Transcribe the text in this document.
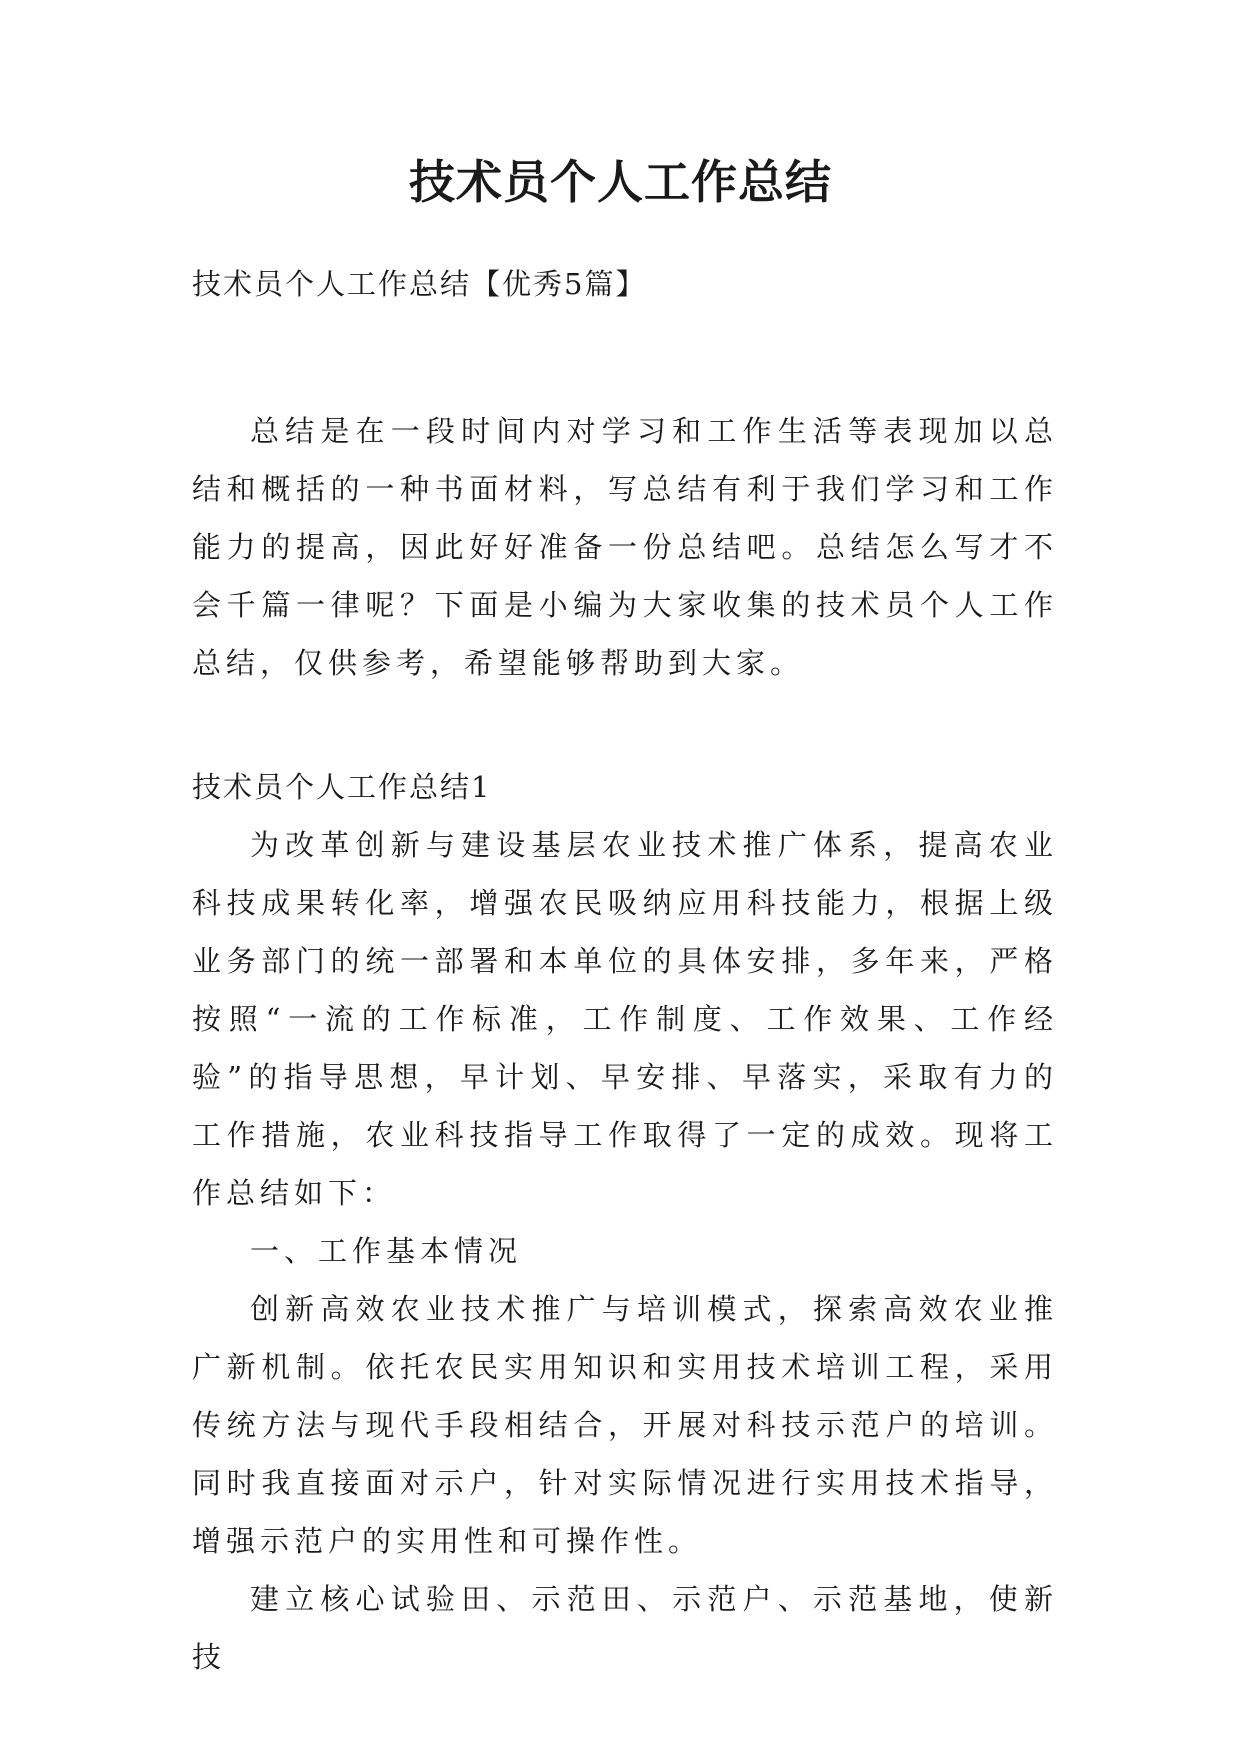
技术员个人工作总结
技术员个人工作总结【优秀5篇】

总结是在一段时间内对学习和工作生活等表现加以总结和概括的一种书面材料，写总结有利于我们学习和工作能力的提高，因此好好准备一份总结吧。总结怎么写才不会千篇一律呢？下面是小编为大家收集的技术员个人工作总结，仅供参考，希望能够帮助到大家。

技术员个人工作总结1

为改革创新与建设基层农业技术推广体系，提高农业科技成果转化率，增强农民吸纳应用科技能力，根据上级业务部门的统一部署和本单位的具体安排，多年来，严格按照“一流的工作标准，工作制度、工作效果、工作经验”的指导思想，早计划、早安排、早落实，采取有力的工作措施，农业科技指导工作取得了一定的成效。现将工作总结如下：

一、工作基本情况

创新高效农业技术推广与培训模式，探索高效农业推广新机制。依托农民实用知识和实用技术培训工程，采用传统方法与现代手段相结合，开展对科技示范户的培训。同时我直接面对示户，针对实际情况进行实用技术指导，增强示范户的实用性和可操作性。

建立核心试验田、示范田、示范户、示范基地，使新技
